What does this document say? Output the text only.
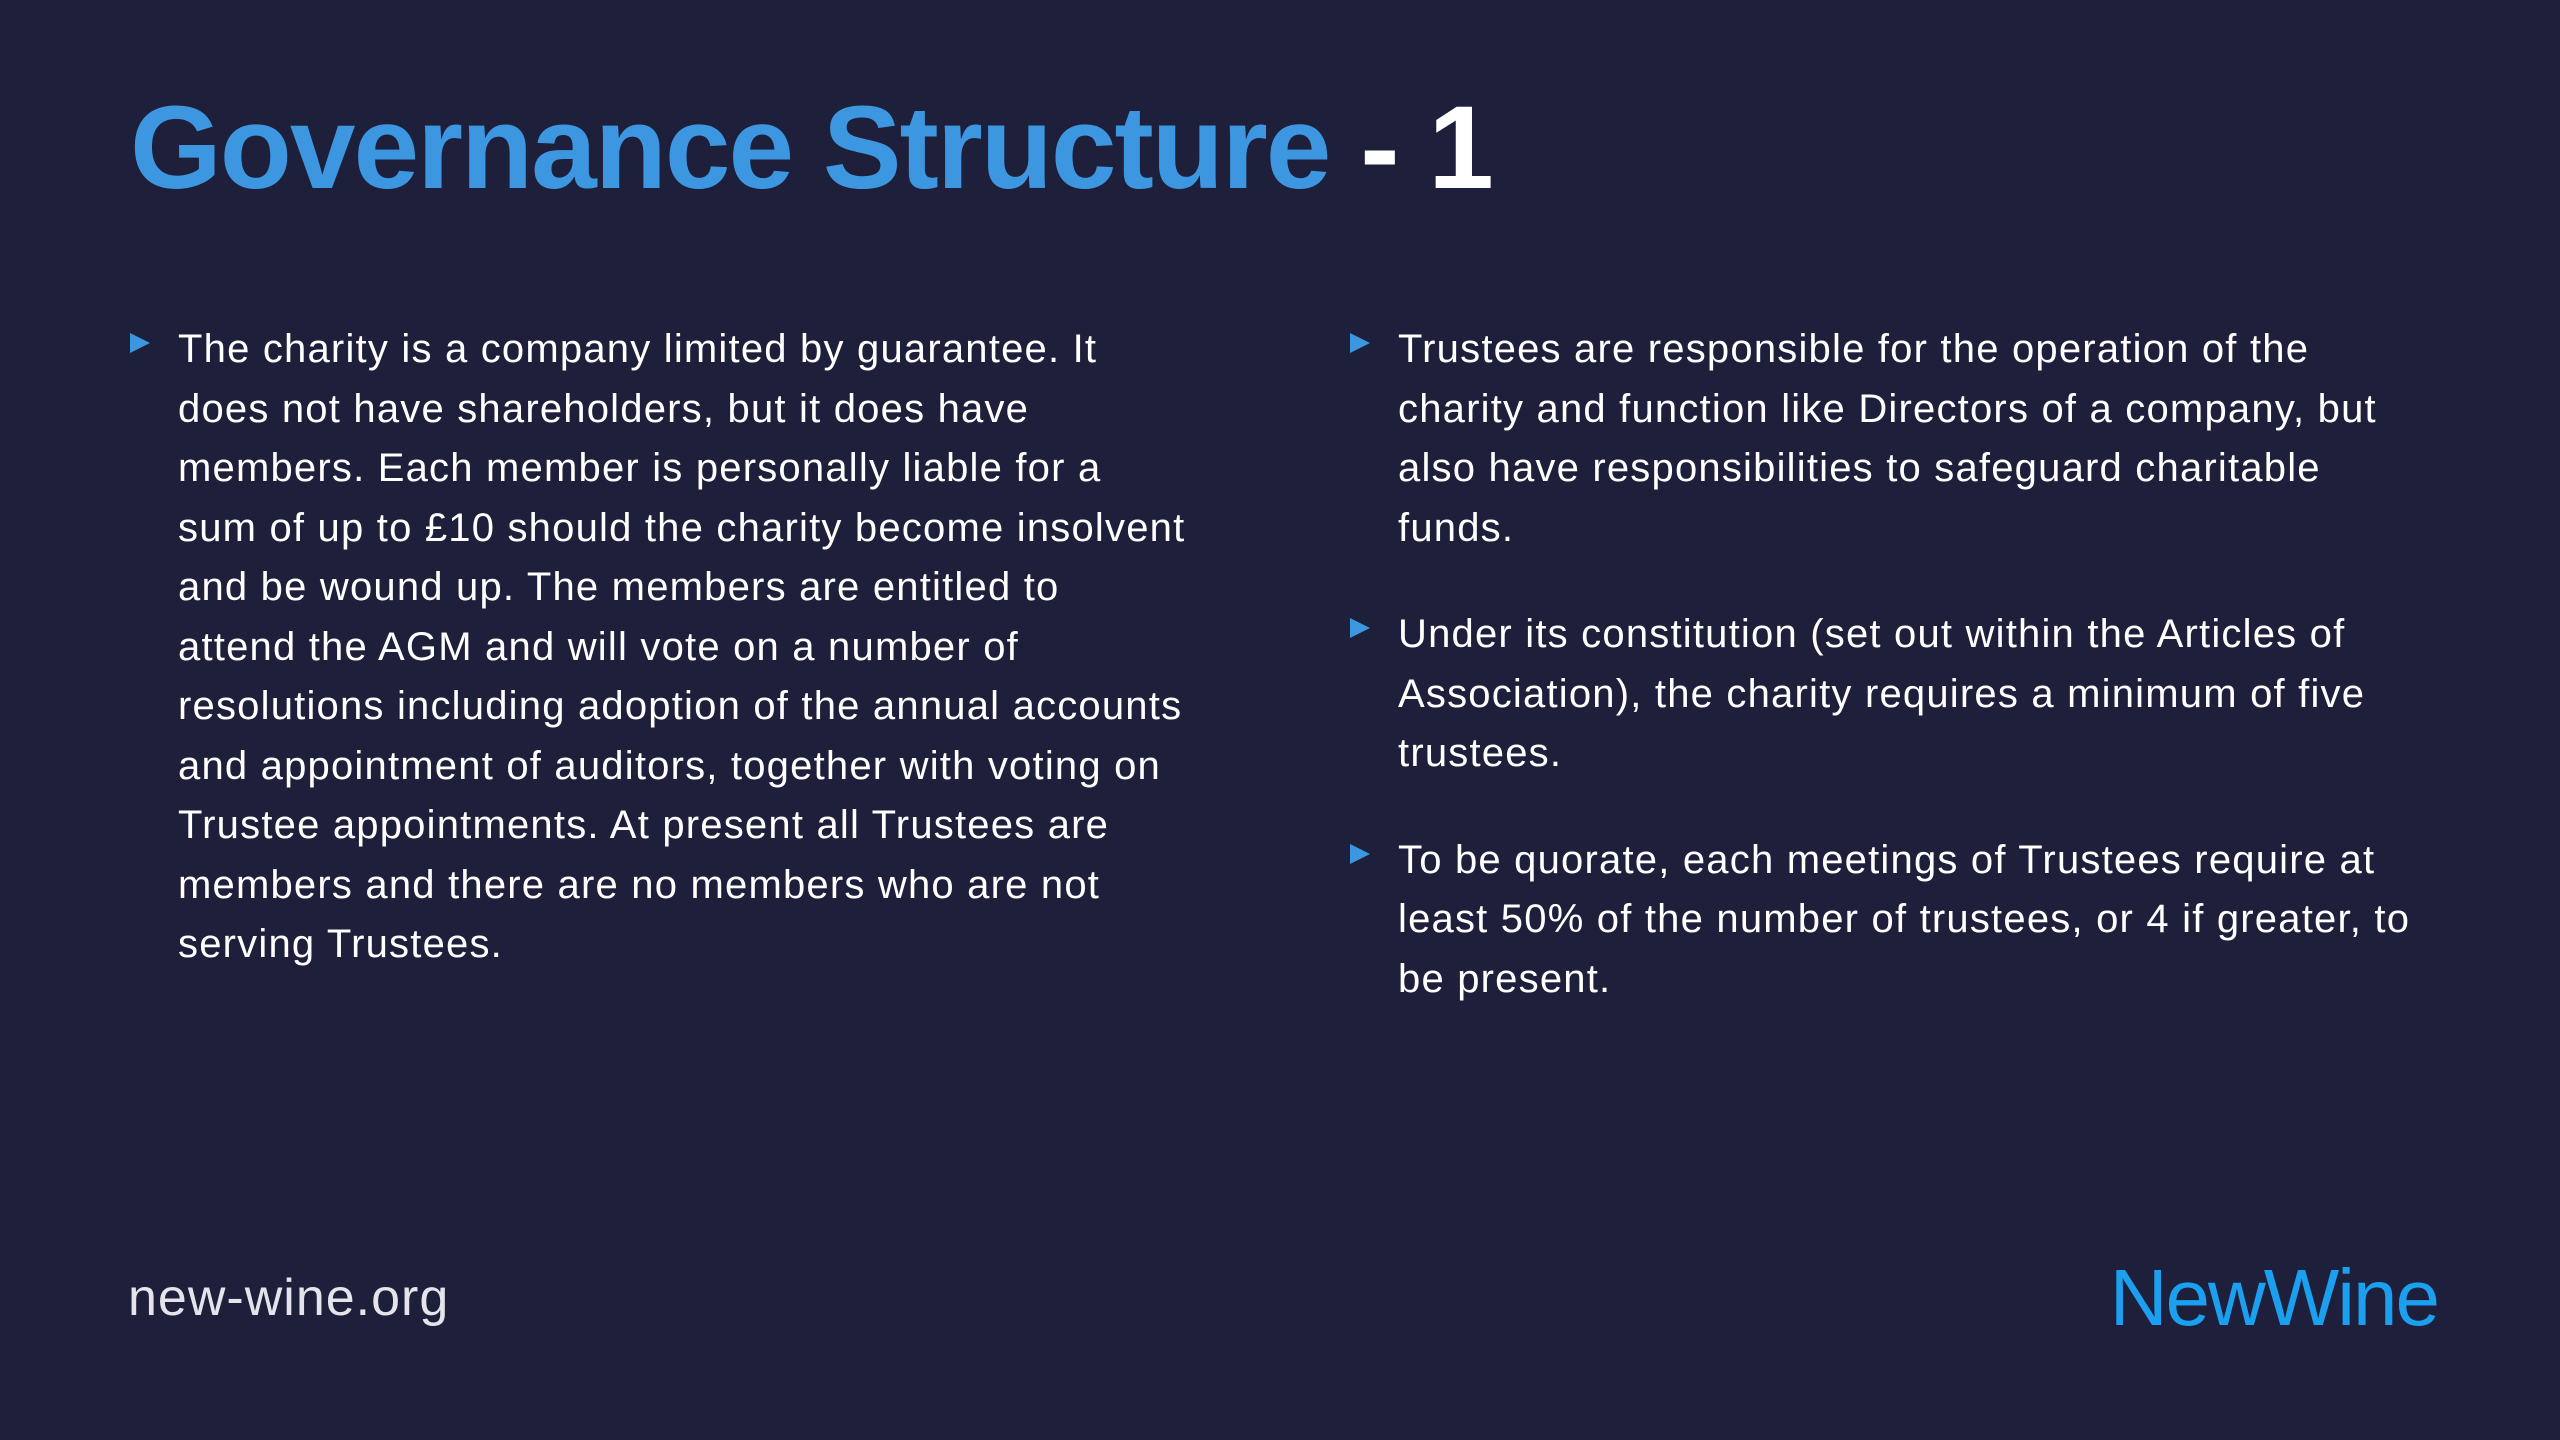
Governance Structure - 1
The charity is a company limited by guarantee. It does not have shareholders, but it does have members. Each member is personally liable for a sum of up to £10 should the charity become insolvent and be wound up. The members are entitled to attend the AGM and will vote on a number of resolutions including adoption of the annual accounts and appointment of auditors, together with voting on Trustee appointments. At present all Trustees are members and there are no members who are not serving Trustees.
Trustees are responsible for the operation of the charity and function like Directors of a company, but also have responsibilities to safeguard charitable funds.
Under its constitution (set out within the Articles of Association), the charity requires a minimum of five trustees.
To be quorate, each meetings of Trustees require at least 50% of the number of trustees, or 4 if greater, to be present.
new-wine.org	NewWine
